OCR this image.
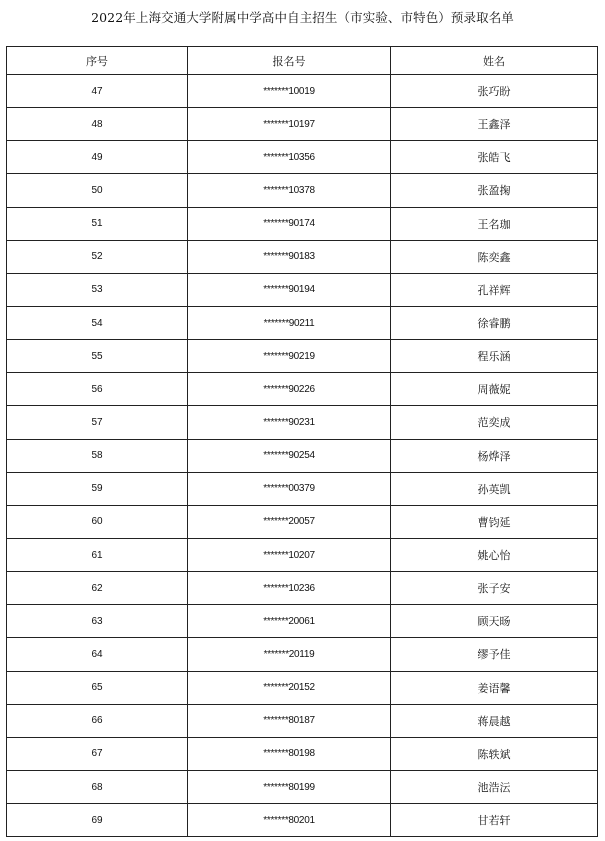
2022年上海交通大学附属中学高中自主招生（市实验、市特色）预录取名单
序号	报名号	姓名
47	*******10019	张巧盼
48	*******10197	王鑫泽
49	*******10356	张皓飞
50	*******10378	张盈掬
51	*******90174	王名珈
52	*******90183	陈奕鑫
53	*******90194	孔祥辉
54	*******90211	徐睿鹏
55	*******90219	程乐涵
56	*******90226	周薇妮
57	*******90231	范奕成
58	*******90254	杨烨泽
59	*******00379	孙英凯
60	*******20057	曹钧延
61	*******10207	姚心怡
62	*******10236	张子安
63	*******20061	顾天旸
64	*******20119	缪予佳
65	*******20152	姜语馨
66	*******80187	蒋晨越
67	*******80198	陈轶斌
68	*******80199	池浩沄
69	*******80201	甘若轩
